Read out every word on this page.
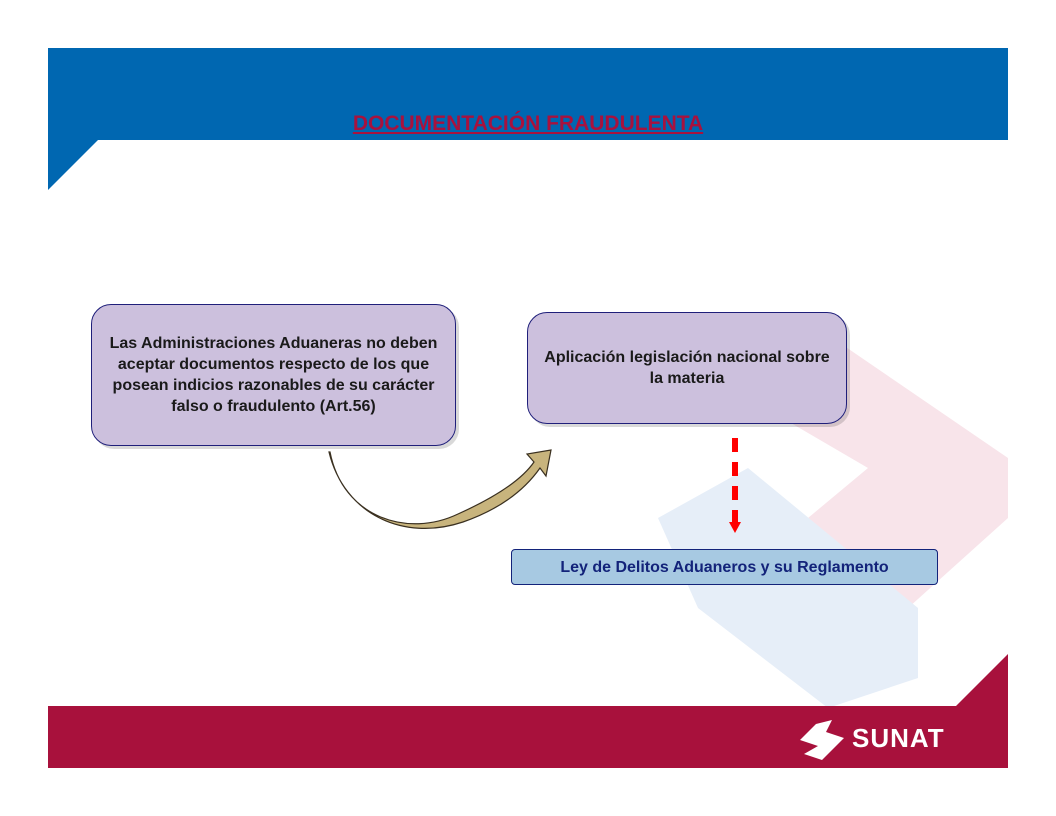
DOCUMENTACIÓN FRAUDULENTA
Las Administraciones Aduaneras no deben aceptar documentos respecto de los que posean indicios razonables de su carácter falso o fraudulento (Art.56)
Aplicación legislación nacional sobre la materia
Ley de Delitos Aduaneros y su Reglamento
SUNAT
